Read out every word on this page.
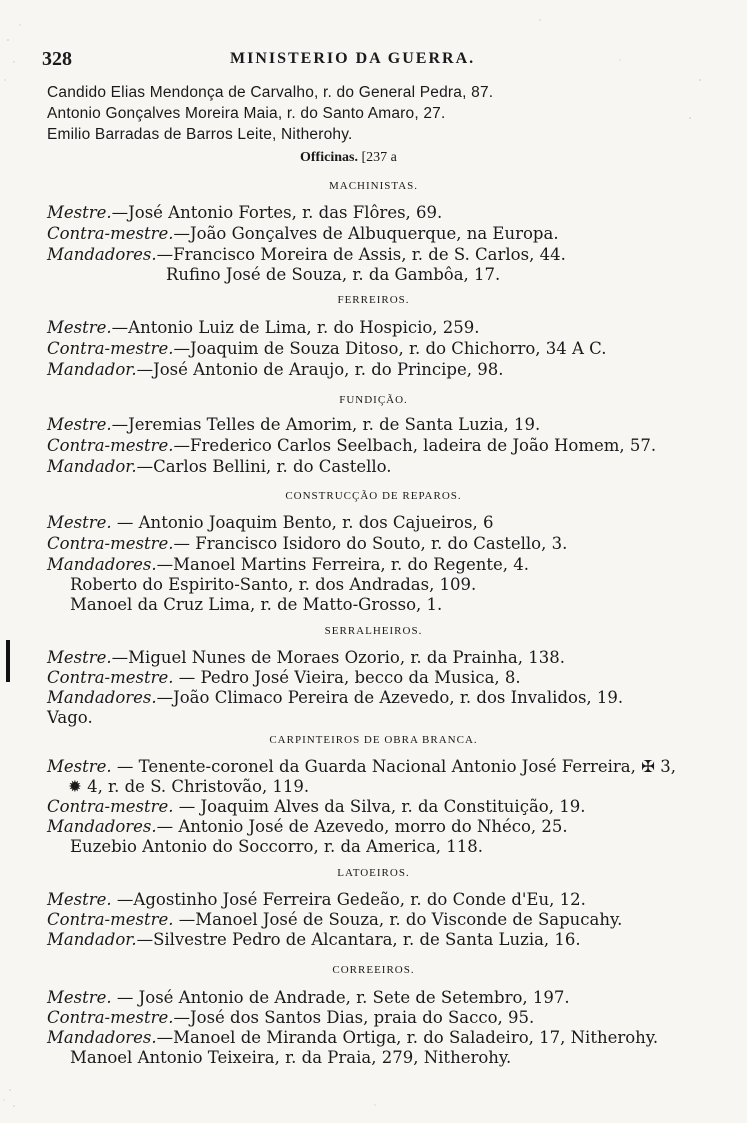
328	MINISTERIO DA GUERRA.
Candido Elias Mendonça de Carvalho, r. do General Pedra, 87.
Antonio Gonçalves Moreira Maia, r. do Santo Amaro, 27.
Emilio Barradas de Barros Leite, Nitherohy.
Officinas. [237 a
MACHINISTAS.
Mestre.—José Antonio Fortes, r. das Flôres, 69.
Contra-mestre.—João Gonçalves de Albuquerque, na Europa.
Mandadores.—Francisco Moreira de Assis, r. de S. Carlos, 44.
Rufino José de Souza, r. da Gambôa, 17.
FERREIROS.
Mestre.—Antonio Luiz de Lima, r. do Hospicio, 259.
Contra-mestre.—Joaquim de Souza Ditoso, r. do Chichorro, 34 A C.
Mandador.—José Antonio de Araujo, r. do Principe, 98.
FUNDIÇÃO.
Mestre.—Jeremias Telles de Amorim, r. de Santa Luzia, 19.
Contra-mestre.—Frederico Carlos Seelbach, ladeira de João Homem, 57.
Mandador.—Carlos Bellini, r. do Castello.
CONSTRUCÇÃO DE REPAROS.
Mestre. — Antonio Joaquim Bento, r. dos Cajueiros, 6
Contra-mestre.— Francisco Isidoro do Souto, r. do Castello, 3.
Mandadores.—Manoel Martins Ferreira, r. do Regente, 4.
Roberto do Espirito-Santo, r. dos Andradas, 109.
Manoel da Cruz Lima, r. de Matto-Grosso, 1.
SERRALHEIROS.
Mestre.—Miguel Nunes de Moraes Ozorio, r. da Prainha, 138.
Contra-mestre. — Pedro José Vieira, becco da Musica, 8.
Mandadores.—João Climaco Pereira de Azevedo, r. dos Invalidos, 19.
Vago.
CARPINTEIROS DE OBRA BRANCA.
Mestre. — Tenente-coronel da Guarda Nacional Antonio José Ferreira, ✠ 3,
✹ 4, r. de S. Christovão, 119.
Contra-mestre. — Joaquim Alves da Silva, r. da Constituição, 19.
Mandadores.— Antonio José de Azevedo, morro do Nhéco, 25.
Euzebio Antonio do Soccorro, r. da America, 118.
LATOEIROS.
Mestre. —Agostinho José Ferreira Gedeão, r. do Conde d'Eu, 12.
Contra-mestre. —Manoel José de Souza, r. do Visconde de Sapucahy.
Mandador.—Silvestre Pedro de Alcantara, r. de Santa Luzia, 16.
CORREEIROS.
Mestre. — José Antonio de Andrade, r. Sete de Setembro, 197.
Contra-mestre.—José dos Santos Dias, praia do Sacco, 95.
Mandadores.—Manoel de Miranda Ortiga, r. do Saladeiro, 17, Nitherohy.
Manoel Antonio Teixeira, r. da Praia, 279, Nitherohy.
